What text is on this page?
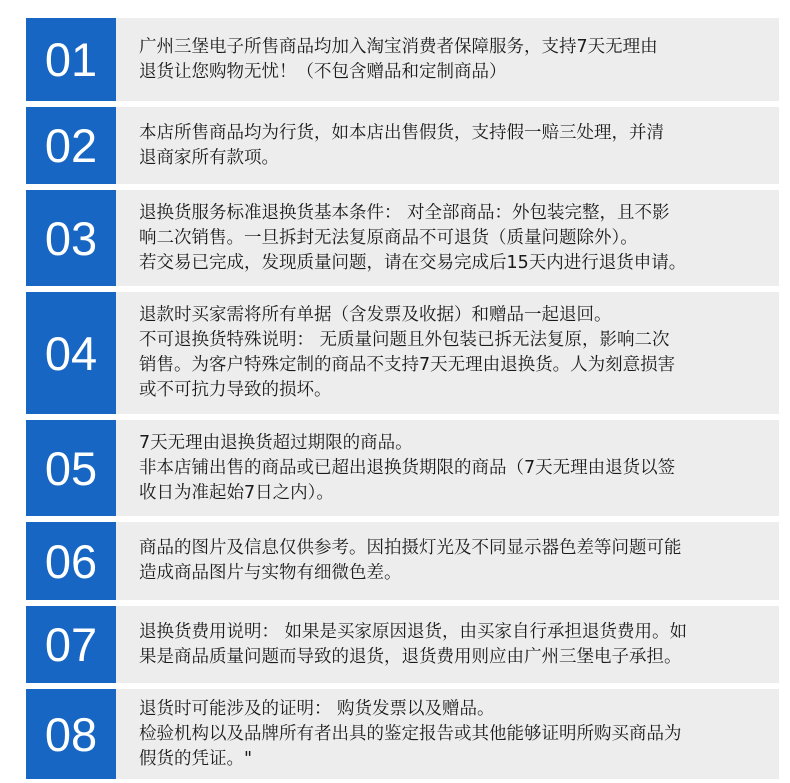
01	广州三堡电子所售商品均加入淘宝消费者保障服务，支持7天无理由
退货让您购物无忧！（不包含赠品和定制商品）
02	本店所售商品均为行货，如本店出售假货，支持假一赔三处理，并清
退商家所有款项。
03	退换货服务标准退换货基本条件： 对全部商品：外包装完整，且不影
响二次销售。一旦拆封无法复原商品不可退货（质量问题除外）。
若交易已完成，发现质量问题，请在交易完成后15天内进行退货申请。
04
退款时买家需将所有单据（含发票及收据）和赠品一起退回。
不可退换货特殊说明： 无质量问题且外包装已拆无法复原，影响二次
销售。为客户特殊定制的商品不支持7天无理由退换货。人为刻意损害
或不可抗力导致的损坏。
05	7天无理由退换货超过期限的商品。
非本店铺出售的商品或已超出退换货期限的商品（7天无理由退货以签
收日为准起始7日之内）。
06	商品的图片及信息仅供参考。因拍摄灯光及不同显示器色差等问题可能
造成商品图片与实物有细微色差。
07	退换货费用说明： 如果是买家原因退货，由买家自行承担退货费用。如
果是商品质量问题而导致的退货，退货费用则应由广州三堡电子承担。
08	退货时可能涉及的证明： 购货发票以及赠品。
检验机构以及品牌所有者出具的鉴定报告或其他能够证明所购买商品为
假货的凭证。"
